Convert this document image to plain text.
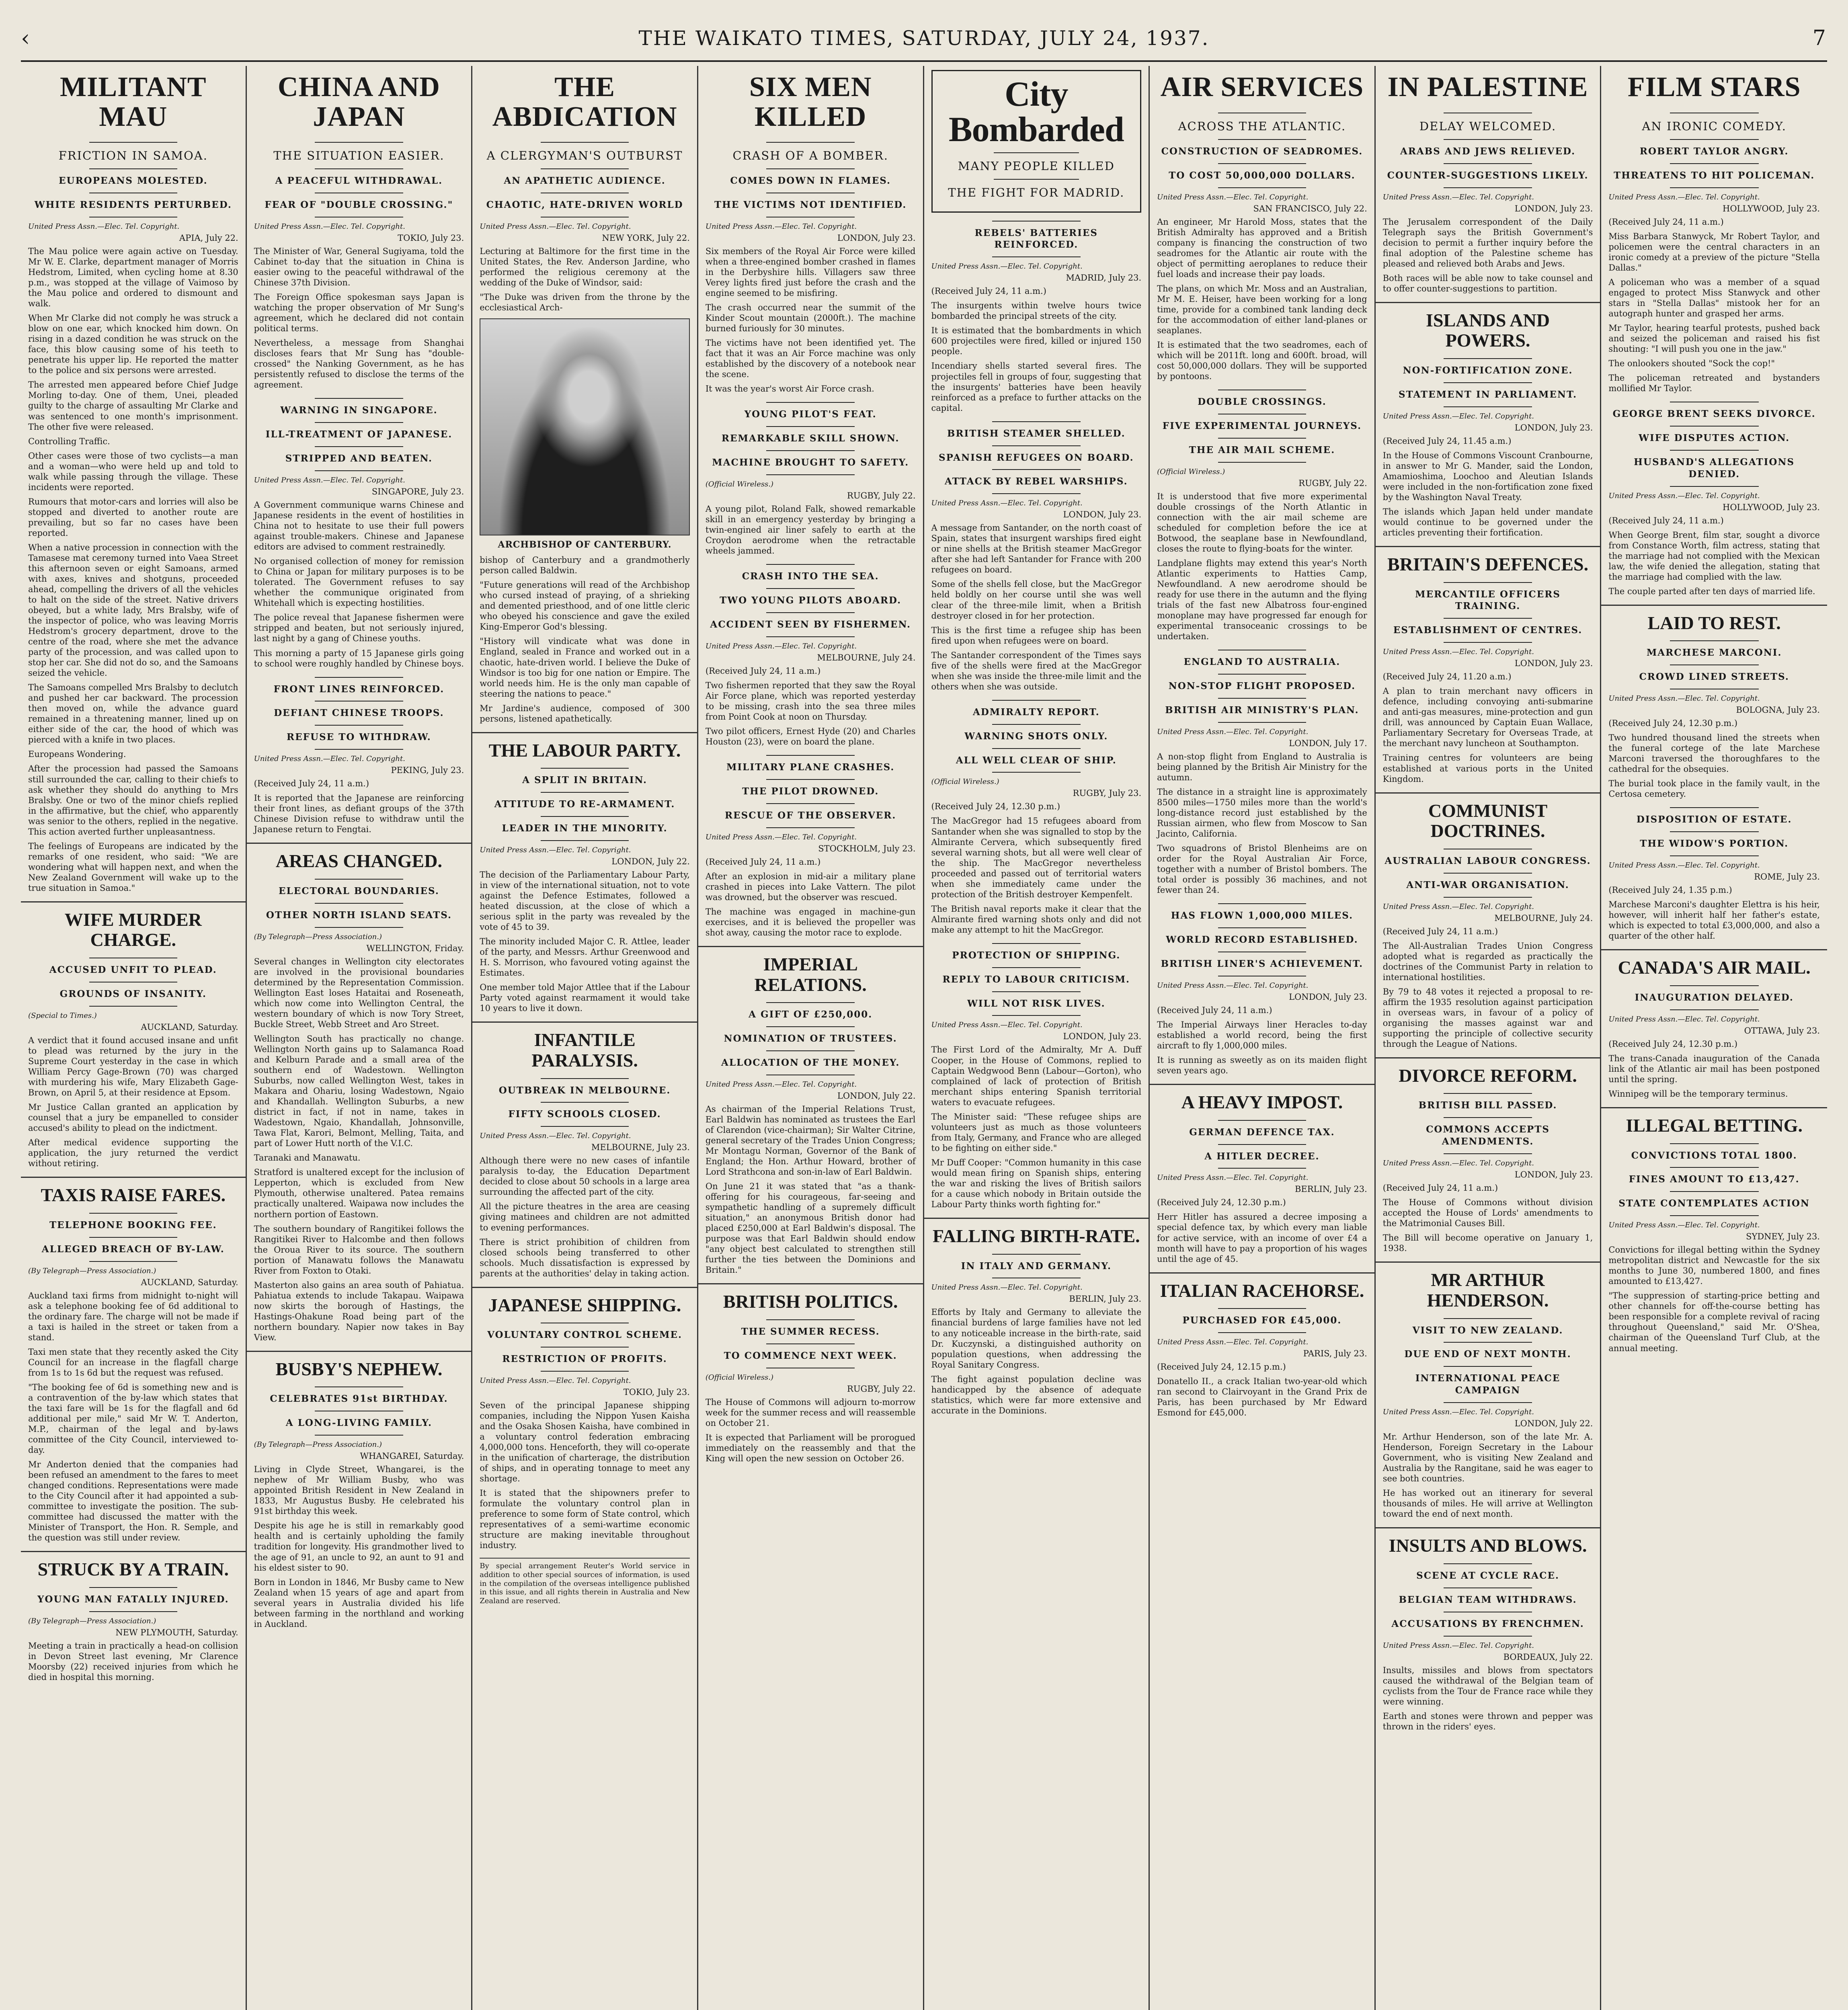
‹	THE WAIKATO TIMES, SATURDAY, JULY 24, 1937.	7
MILITANT MAU
FRICTION IN SAMOA.
EUROPEANS MOLESTED.
WHITE RESIDENTS PERTURBED.
United Press Assn.—Elec. Tel. Copyright.
APIA, July 22.

The Mau police were again active on Tuesday. Mr W. E. Clarke, department manager of Morris Hedstrom, Limited, when cycling home at 8.30 p.m., was stopped at the village of Vaimoso by the Mau police and ordered to dismount and walk.

When Mr Clarke did not comply he was struck a blow on one ear, which knocked him down. On rising in a dazed condition he was struck on the face, this blow causing some of his teeth to penetrate his upper lip. He reported the matter to the police and six persons were arrested.

The arrested men appeared before Chief Judge Morling to-day. One of them, Unei, pleaded guilty to the charge of assaulting Mr Clarke and was sentenced to one month's imprisonment. The other five were released.

Controlling Traffic.

Other cases were those of two cyclists—a man and a woman—who were held up and told to walk while passing through the village. These incidents were reported.

Rumours that motor-cars and lorries will also be stopped and diverted to another route are prevailing, but so far no cases have been reported.

When a native procession in connection with the Tamasese mat ceremony turned into Vaea Street this afternoon seven or eight Samoans, armed with axes, knives and shotguns, proceeded ahead, compelling the drivers of all the vehicles to halt on the side of the street. Native drivers obeyed, but a white lady, Mrs Bralsby, wife of the inspector of police, who was leaving Morris Hedstrom's grocery department, drove to the centre of the road, where she met the advance party of the procession, and was called upon to stop her car. She did not do so, and the Samoans seized the vehicle.

The Samoans compelled Mrs Bralsby to declutch and pushed her car backward. The procession then moved on, while the advance guard remained in a threatening manner, lined up on either side of the car, the hood of which was pierced with a knife in two places.

Europeans Wondering.

After the procession had passed the Samoans still surrounded the car, calling to their chiefs to ask whether they should do anything to Mrs Bralsby. One or two of the minor chiefs replied in the affirmative, but the chief, who apparently was senior to the others, replied in the negative. This action averted further unpleasantness.

The feelings of Europeans are indicated by the remarks of one resident, who said: "We are wondering what will happen next, and when the New Zealand Government will wake up to the true situation in Samoa."

WIFE MURDER CHARGE.
ACCUSED UNFIT TO PLEAD.
GROUNDS OF INSANITY.
(Special to Times.)
AUCKLAND, Saturday.

A verdict that it found accused insane and unfit to plead was returned by the jury in the Supreme Court yesterday in the case in which William Percy Gage-Brown (70) was charged with murdering his wife, Mary Elizabeth Gage-Brown, on April 5, at their residence at Epsom.

Mr Justice Callan granted an application by counsel that a jury be empanelled to consider accused's ability to plead on the indictment.

After medical evidence supporting the application, the jury returned the verdict without retiring.

TAXIS RAISE FARES.
TELEPHONE BOOKING FEE.
ALLEGED BREACH OF BY-LAW.
(By Telegraph—Press Association.)
AUCKLAND, Saturday.

Auckland taxi firms from midnight to-night will ask a telephone booking fee of 6d additional to the ordinary fare. The charge will not be made if a taxi is hailed in the street or taken from a stand.

Taxi men state that they recently asked the City Council for an increase in the flagfall charge from 1s to 1s 6d but the request was refused.

"The booking fee of 6d is something new and is a contravention of the by-law which states that the taxi fare will be 1s for the flagfall and 6d additional per mile," said Mr W. T. Anderton, M.P., chairman of the legal and by-laws committee of the City Council, interviewed to-day.

Mr Anderton denied that the companies had been refused an amendment to the fares to meet changed conditions. Representations were made to the City Council after it had appointed a sub-committee to investigate the position. The sub-committee had discussed the matter with the Minister of Transport, the Hon. R. Semple, and the question was still under review.

STRUCK BY A TRAIN.
YOUNG MAN FATALLY INJURED.
(By Telegraph—Press Association.)
NEW PLYMOUTH, Saturday.

Meeting a train in practically a head-on collision in Devon Street last evening, Mr Clarence Moorsby (22) received injuries from which he died in hospital this morning.

CHINA AND JAPAN
THE SITUATION EASIER.
A PEACEFUL WITHDRAWAL.
FEAR OF "DOUBLE CROSSING."
United Press Assn.—Elec. Tel. Copyright.
TOKIO, July 23.

The Minister of War, General Sugiyama, told the Cabinet to-day that the situation in China is easier owing to the peaceful withdrawal of the Chinese 37th Division.

The Foreign Office spokesman says Japan is watching the proper observation of Mr Sung's agreement, which he declared did not contain political terms.

Nevertheless, a message from Shanghai discloses fears that Mr Sung has "double-crossed" the Nanking Government, as he has persistently refused to disclose the terms of the agreement.

WARNING IN SINGAPORE.
ILL-TREATMENT OF JAPANESE.
STRIPPED AND BEATEN.
United Press Assn.—Elec. Tel. Copyright.
SINGAPORE, July 23.

A Government communique warns Chinese and Japanese residents in the event of hostilities in China not to hesitate to use their full powers against trouble-makers. Chinese and Japanese editors are advised to comment restrainedly.

No organised collection of money for remission to China or Japan for military purposes is to be tolerated. The Government refuses to say whether the communique originated from Whitehall which is expecting hostilities.

The police reveal that Japanese fishermen were stripped and beaten, but not seriously injured, last night by a gang of Chinese youths.

This morning a party of 15 Japanese girls going to school were roughly handled by Chinese boys.

FRONT LINES REINFORCED.
DEFIANT CHINESE TROOPS.
REFUSE TO WITHDRAW.
United Press Assn.—Elec. Tel. Copyright.
PEKING, July 23.

(Received July 24, 11 a.m.)

It is reported that the Japanese are reinforcing their front lines, as defiant groups of the 37th Chinese Division refuse to withdraw until the Japanese return to Fengtai.

AREAS CHANGED.
ELECTORAL BOUNDARIES.
OTHER NORTH ISLAND SEATS.
(By Telegraph—Press Association.)
WELLINGTON, Friday.

Several changes in Wellington city electorates are involved in the provisional boundaries determined by the Representation Commission. Wellington East loses Hataitai and Roseneath, which now come into Wellington Central, the western boundary of which is now Tory Street, Buckle Street, Webb Street and Aro Street.

Wellington South has practically no change. Wellington North gains up to Salamanca Road and Kelburn Parade and a small area of the southern end of Wadestown. Wellington Suburbs, now called Wellington West, takes in Makara and Ohariu, losing Wadestown, Ngaio and Khandallah. Wellington Suburbs, a new district in fact, if not in name, takes in Wadestown, Ngaio, Khandallah, Johnsonville, Tawa Flat, Karori, Belmont, Melling, Taita, and part of Lower Hutt north of the V.I.C.

Taranaki and Manawatu.

Stratford is unaltered except for the inclusion of Lepperton, which is excluded from New Plymouth, otherwise unaltered. Patea remains practically unaltered. Waipawa now includes the northern portion of Eastown.

The southern boundary of Rangitikei follows the Rangitikei River to Halcombe and then follows the Oroua River to its source. The southern portion of Manawatu follows the Manawatu River from Foxton to Otaki.

Masterton also gains an area south of Pahiatua. Pahiatua extends to include Takapau. Waipawa now skirts the borough of Hastings, the Hastings-Ohakune Road being part of the northern boundary. Napier now takes in Bay View.

BUSBY'S NEPHEW.
CELEBRATES 91st BIRTHDAY.
A LONG-LIVING FAMILY.
(By Telegraph—Press Association.)
WHANGAREI, Saturday.

Living in Clyde Street, Whangarei, is the nephew of Mr William Busby, who was appointed British Resident in New Zealand in 1833, Mr Augustus Busby. He celebrated his 91st birthday this week.

Despite his age he is still in remarkably good health and is certainly upholding the family tradition for longevity. His grandmother lived to the age of 91, an uncle to 92, an aunt to 91 and his eldest sister to 90.

Born in London in 1846, Mr Busby came to New Zealand when 15 years of age and apart from several years in Australia divided his life between farming in the northland and working in Auckland.

THE ABDICATION
A CLERGYMAN'S OUTBURST
AN APATHETIC AUDIENCE.
CHAOTIC, HATE-DRIVEN WORLD
United Press Assn.—Elec. Tel. Copyright.
NEW YORK, July 22.

Lecturing at Baltimore for the first time in the United States, the Rev. Anderson Jardine, who performed the religious ceremony at the wedding of the Duke of Windsor, said:

"The Duke was driven from the throne by the ecclesiastical Arch-

ARCHBISHOP OF CANTERBURY.

bishop of Canterbury and a grandmotherly person called Baldwin.

"Future generations will read of the Archbishop who cursed instead of praying, of a shrieking and demented priesthood, and of one little cleric who obeyed his conscience and gave the exiled King-Emperor God's blessing.

"History will vindicate what was done in England, sealed in France and worked out in a chaotic, hate-driven world. I believe the Duke of Windsor is too big for one nation or Empire. The world needs him. He is the only man capable of steering the nations to peace."

Mr Jardine's audience, composed of 300 persons, listened apathetically.

THE LABOUR PARTY.
A SPLIT IN BRITAIN.
ATTITUDE TO RE-ARMAMENT.
LEADER IN THE MINORITY.
United Press Assn.—Elec. Tel. Copyright.
LONDON, July 22.

The decision of the Parliamentary Labour Party, in view of the international situation, not to vote against the Defence Estimates, followed a heated discussion, at the close of which a serious split in the party was revealed by the vote of 45 to 39.

The minority included Major C. R. Attlee, leader of the party, and Messrs. Arthur Greenwood and H. S. Morrison, who favoured voting against the Estimates.

One member told Major Attlee that if the Labour Party voted against rearmament it would take 10 years to live it down.

INFANTILE PARALYSIS.
OUTBREAK IN MELBOURNE.
FIFTY SCHOOLS CLOSED.
United Press Assn.—Elec. Tel. Copyright.
MELBOURNE, July 23.

Although there were no new cases of infantile paralysis to-day, the Education Department decided to close about 50 schools in a large area surrounding the affected part of the city.

All the picture theatres in the area are ceasing giving matinees and children are not admitted to evening performances.

There is strict prohibition of children from closed schools being transferred to other schools. Much dissatisfaction is expressed by parents at the authorities' delay in taking action.

JAPANESE SHIPPING.
VOLUNTARY CONTROL SCHEME.
RESTRICTION OF PROFITS.
United Press Assn.—Elec. Tel. Copyright.
TOKIO, July 23.

Seven of the principal Japanese shipping companies, including the Nippon Yusen Kaisha and the Osaka Shosen Kaisha, have combined in a voluntary control federation embracing 4,000,000 tons. Henceforth, they will co-operate in the unification of charterage, the distribution of ships, and in operating tonnage to meet any shortage.

It is stated that the shipowners prefer to formulate the voluntary control plan in preference to some form of State control, which representatives of a semi-wartime economic structure are making inevitable throughout industry.

By special arrangement Reuter's World service in addition to other special sources of information, is used in the compilation of the overseas intelligence published in this issue, and all rights therein in Australia and New Zealand are reserved.
SIX MEN KILLED
CRASH OF A BOMBER.
COMES DOWN IN FLAMES.
THE VICTIMS NOT IDENTIFIED.
United Press Assn.—Elec. Tel. Copyright.
LONDON, July 23.

Six members of the Royal Air Force were killed when a three-engined bomber crashed in flames in the Derbyshire hills. Villagers saw three Verey lights fired just before the crash and the engine seemed to be misfiring.

The crash occurred near the summit of the Kinder Scout mountain (2000ft.). The machine burned furiously for 30 minutes.

The victims have not been identified yet. The fact that it was an Air Force machine was only established by the discovery of a notebook near the scene.

It was the year's worst Air Force crash.

YOUNG PILOT'S FEAT.
REMARKABLE SKILL SHOWN.
MACHINE BROUGHT TO SAFETY.
(Official Wireless.)
RUGBY, July 22.

A young pilot, Roland Falk, showed remarkable skill in an emergency yesterday by bringing a twin-engined air liner safely to earth at the Croydon aerodrome when the retractable wheels jammed.

CRASH INTO THE SEA.
TWO YOUNG PILOTS ABOARD.
ACCIDENT SEEN BY FISHERMEN.
United Press Assn.—Elec. Tel. Copyright.
MELBOURNE, July 24.

(Received July 24, 11 a.m.)

Two fishermen reported that they saw the Royal Air Force plane, which was reported yesterday to be missing, crash into the sea three miles from Point Cook at noon on Thursday.

Two pilot officers, Ernest Hyde (20) and Charles Houston (23), were on board the plane.

MILITARY PLANE CRASHES.
THE PILOT DROWNED.
RESCUE OF THE OBSERVER.
United Press Assn.—Elec. Tel. Copyright.
STOCKHOLM, July 23.

(Received July 24, 11 a.m.)

After an explosion in mid-air a military plane crashed in pieces into Lake Vattern. The pilot was drowned, but the observer was rescued.

The machine was engaged in machine-gun exercises, and it is believed the propeller was shot away, causing the motor race to explode.

IMPERIAL RELATIONS.
A GIFT OF £250,000.
NOMINATION OF TRUSTEES.
ALLOCATION OF THE MONEY.
United Press Assn.—Elec. Tel. Copyright.
LONDON, July 22.

As chairman of the Imperial Relations Trust, Earl Baldwin has nominated as trustees the Earl of Clarendon (vice-chairman); Sir Walter Citrine, general secretary of the Trades Union Congress; Mr Montagu Norman, Governor of the Bank of England; the Hon. Arthur Howard, brother of Lord Strathcona and son-in-law of Earl Baldwin.

On June 21 it was stated that "as a thank-offering for his courageous, far-seeing and sympathetic handling of a supremely difficult situation," an anonymous British donor had placed £250,000 at Earl Baldwin's disposal. The purpose was that Earl Baldwin should endow "any object best calculated to strengthen still further the ties between the Dominions and Britain."

BRITISH POLITICS.
THE SUMMER RECESS.
TO COMMENCE NEXT WEEK.
(Official Wireless.)
RUGBY, July 22.

The House of Commons will adjourn to-morrow week for the summer recess and will reassemble on October 21.

It is expected that Parliament will be prorogued immediately on the reassembly and that the King will open the new session on October 26.

City Bombarded
MANY PEOPLE KILLED
THE FIGHT FOR MADRID.
REBELS' BATTERIES REINFORCED.
United Press Assn.—Elec. Tel. Copyright.
MADRID, July 23.

(Received July 24, 11 a.m.)

The insurgents within twelve hours twice bombarded the principal streets of the city.

It is estimated that the bombardments in which 600 projectiles were fired, killed or injured 150 people.

Incendiary shells started several fires. The projectiles fell in groups of four, suggesting that the insurgents' batteries have been heavily reinforced as a preface to further attacks on the capital.

BRITISH STEAMER SHELLED.
SPANISH REFUGEES ON BOARD.
ATTACK BY REBEL WARSHIPS.
United Press Assn.—Elec. Tel. Copyright.
LONDON, July 23.

A message from Santander, on the north coast of Spain, states that insurgent warships fired eight or nine shells at the British steamer MacGregor after she had left Santander for France with 200 refugees on board.

Some of the shells fell close, but the MacGregor held boldly on her course until she was well clear of the three-mile limit, when a British destroyer closed in for her protection.

This is the first time a refugee ship has been fired upon when refugees were on board.

The Santander correspondent of the Times says five of the shells were fired at the MacGregor when she was inside the three-mile limit and the others when she was outside.

ADMIRALTY REPORT.
WARNING SHOTS ONLY.
ALL WELL CLEAR OF SHIP.
(Official Wireless.)
RUGBY, July 23.

(Received July 24, 12.30 p.m.)

The MacGregor had 15 refugees aboard from Santander when she was signalled to stop by the Almirante Cervera, which subsequently fired several warning shots, but all were well clear of the ship. The MacGregor nevertheless proceeded and passed out of territorial waters when she immediately came under the protection of the British destroyer Kempenfelt.

The British naval reports make it clear that the Almirante fired warning shots only and did not make any attempt to hit the MacGregor.

PROTECTION OF SHIPPING.
REPLY TO LABOUR CRITICISM.
WILL NOT RISK LIVES.
United Press Assn.—Elec. Tel. Copyright.
LONDON, July 23.

The First Lord of the Admiralty, Mr A. Duff Cooper, in the House of Commons, replied to Captain Wedgwood Benn (Labour—Gorton), who complained of lack of protection of British merchant ships entering Spanish territorial waters to evacuate refugees.

The Minister said: "These refugee ships are volunteers just as much as those volunteers from Italy, Germany, and France who are alleged to be fighting on either side."

Mr Duff Cooper: "Common humanity in this case would mean firing on Spanish ships, entering the war and risking the lives of British sailors for a cause which nobody in Britain outside the Labour Party thinks worth fighting for."

FALLING BIRTH-RATE.
IN ITALY AND GERMANY.
United Press Assn.—Elec. Tel. Copyright.
BERLIN, July 23.

Efforts by Italy and Germany to alleviate the financial burdens of large families have not led to any noticeable increase in the birth-rate, said Dr. Kuczynski, a distinguished authority on population questions, when addressing the Royal Sanitary Congress.

The fight against population decline was handicapped by the absence of adequate statistics, which were far more extensive and accurate in the Dominions.

AIR SERVICES
ACROSS THE ATLANTIC.
CONSTRUCTION OF SEADROMES.
TO COST 50,000,000 DOLLARS.
United Press Assn.—Elec. Tel. Copyright.
SAN FRANCISCO, July 22.

An engineer, Mr Harold Moss, states that the British Admiralty has approved and a British company is financing the construction of two seadromes for the Atlantic air route with the object of permitting aeroplanes to reduce their fuel loads and increase their pay loads.

The plans, on which Mr. Moss and an Australian, Mr M. E. Heiser, have been working for a long time, provide for a combined tank landing deck for the accommodation of either land-planes or seaplanes.

It is estimated that the two seadromes, each of which will be 2011ft. long and 600ft. broad, will cost 50,000,000 dollars. They will be supported by pontoons.

DOUBLE CROSSINGS.
FIVE EXPERIMENTAL JOURNEYS.
THE AIR MAIL SCHEME.
(Official Wireless.)
RUGBY, July 22.

It is understood that five more experimental double crossings of the North Atlantic in connection with the air mail scheme are scheduled for completion before the ice at Botwood, the seaplane base in Newfoundland, closes the route to flying-boats for the winter.

Landplane flights may extend this year's North Atlantic experiments to Hatties Camp, Newfoundland. A new aerodrome should be ready for use there in the autumn and the flying trials of the fast new Albatross four-engined monoplane may have progressed far enough for experimental transoceanic crossings to be undertaken.

ENGLAND TO AUSTRALIA.
NON-STOP FLIGHT PROPOSED.
BRITISH AIR MINISTRY'S PLAN.
United Press Assn.—Elec. Tel. Copyright.
LONDON, July 17.

A non-stop flight from England to Australia is being planned by the British Air Ministry for the autumn.

The distance in a straight line is approximately 8500 miles—1750 miles more than the world's long-distance record just established by the Russian airmen, who flew from Moscow to San Jacinto, California.

Two squadrons of Bristol Blenheims are on order for the Royal Australian Air Force, together with a number of Bristol bombers. The total order is possibly 36 machines, and not fewer than 24.

HAS FLOWN 1,000,000 MILES.
WORLD RECORD ESTABLISHED.
BRITISH LINER'S ACHIEVEMENT.
United Press Assn.—Elec. Tel. Copyright.
LONDON, July 23.

(Received July 24, 11 a.m.)

The Imperial Airways liner Heracles to-day established a world record, being the first aircraft to fly 1,000,000 miles.

It is running as sweetly as on its maiden flight seven years ago.

A HEAVY IMPOST.
GERMAN DEFENCE TAX.
A HITLER DECREE.
United Press Assn.—Elec. Tel. Copyright.
BERLIN, July 23.

(Received July 24, 12.30 p.m.)

Herr Hitler has assured a decree imposing a special defence tax, by which every man liable for active service, with an income of over £4 a month will have to pay a proportion of his wages until the age of 45.

ITALIAN RACEHORSE.
PURCHASED FOR £45,000.
United Press Assn.—Elec. Tel. Copyright.
PARIS, July 23.

(Received July 24, 12.15 p.m.)

Donatello II., a crack Italian two-year-old which ran second to Clairvoyant in the Grand Prix de Paris, has been purchased by Mr Edward Esmond for £45,000.

IN PALESTINE
DELAY WELCOMED.
ARABS AND JEWS RELIEVED.
COUNTER-SUGGESTIONS LIKELY.
United Press Assn.—Elec. Tel. Copyright.
LONDON, July 23.

The Jerusalem correspondent of the Daily Telegraph says the British Government's decision to permit a further inquiry before the final adoption of the Palestine scheme has pleased and relieved both Arabs and Jews.

Both races will be able now to take counsel and to offer counter-suggestions to partition.

ISLANDS AND POWERS.
NON-FORTIFICATION ZONE.
STATEMENT IN PARLIAMENT.
United Press Assn.—Elec. Tel. Copyright.
LONDON, July 23.

(Received July 24, 11.45 a.m.)

In the House of Commons Viscount Cranbourne, in answer to Mr G. Mander, said the London, Amamioshima, Loochoo and Aleutian Islands were included in the non-fortification zone fixed by the Washington Naval Treaty.

The islands which Japan held under mandate would continue to be governed under the articles preventing their fortification.

BRITAIN'S DEFENCES.
MERCANTILE OFFICERS TRAINING.
ESTABLISHMENT OF CENTRES.
United Press Assn.—Elec. Tel. Copyright.
LONDON, July 23.

(Received July 24, 11.20 a.m.)

A plan to train merchant navy officers in defence, including convoying anti-submarine and anti-gas measures, mine-protection and gun drill, was announced by Captain Euan Wallace, Parliamentary Secretary for Overseas Trade, at the merchant navy luncheon at Southampton.

Training centres for volunteers are being established at various ports in the United Kingdom.

COMMUNIST DOCTRINES.
AUSTRALIAN LABOUR CONGRESS.
ANTI-WAR ORGANISATION.
United Press Assn.—Elec. Tel. Copyright.
MELBOURNE, July 24.

(Received July 24, 11 a.m.)

The All-Australian Trades Union Congress adopted what is regarded as practically the doctrines of the Communist Party in relation to international hostilities.

By 79 to 48 votes it rejected a proposal to re-affirm the 1935 resolution against participation in overseas wars, in favour of a policy of organising the masses against war and supporting the principle of collective security through the League of Nations.

DIVORCE REFORM.
BRITISH BILL PASSED.
COMMONS ACCEPTS AMENDMENTS.
United Press Assn.—Elec. Tel. Copyright.
LONDON, July 23.

(Received July 24, 11 a.m.)

The House of Commons without division accepted the House of Lords' amendments to the Matrimonial Causes Bill.

The Bill will become operative on January 1, 1938.

MR ARTHUR HENDERSON.
VISIT TO NEW ZEALAND.
DUE END OF NEXT MONTH.
INTERNATIONAL PEACE CAMPAIGN
United Press Assn.—Elec. Tel. Copyright.
LONDON, July 22.

Mr. Arthur Henderson, son of the late Mr. A. Henderson, Foreign Secretary in the Labour Government, who is visiting New Zealand and Australia by the Rangitane, said he was eager to see both countries.

He has worked out an itinerary for several thousands of miles. He will arrive at Wellington toward the end of next month.

INSULTS AND BLOWS.
SCENE AT CYCLE RACE.
BELGIAN TEAM WITHDRAWS.
ACCUSATIONS BY FRENCHMEN.
United Press Assn.—Elec. Tel. Copyright.
BORDEAUX, July 22.

Insults, missiles and blows from spectators caused the withdrawal of the Belgian team of cyclists from the Tour de France race while they were winning.

Earth and stones were thrown and pepper was thrown in the riders' eyes.

FILM STARS
AN IRONIC COMEDY.
ROBERT TAYLOR ANGRY.
THREATENS TO HIT POLICEMAN.
United Press Assn.—Elec. Tel. Copyright.
HOLLYWOOD, July 23.

(Received July 24, 11 a.m.)

Miss Barbara Stanwyck, Mr Robert Taylor, and policemen were the central characters in an ironic comedy at a preview of the picture "Stella Dallas."

A policeman who was a member of a squad engaged to protect Miss Stanwyck and other stars in "Stella Dallas" mistook her for an autograph hunter and grasped her arms.

Mr Taylor, hearing tearful protests, pushed back and seized the policeman and raised his fist shouting: "I will push you one in the jaw."

The onlookers shouted "Sock the cop!"

The policeman retreated and bystanders mollified Mr Taylor.

GEORGE BRENT SEEKS DIVORCE.
WIFE DISPUTES ACTION.
HUSBAND'S ALLEGATIONS DENIED.
United Press Assn.—Elec. Tel. Copyright.
HOLLYWOOD, July 23.

(Received July 24, 11 a.m.)

When George Brent, film star, sought a divorce from Constance Worth, film actress, stating that the marriage had not complied with the Mexican law, the wife denied the allegation, stating that the marriage had complied with the law.

The couple parted after ten days of married life.

LAID TO REST.
MARCHESE MARCONI.
CROWD LINED STREETS.
United Press Assn.—Elec. Tel. Copyright.
BOLOGNA, July 23.

(Received July 24, 12.30 p.m.)

Two hundred thousand lined the streets when the funeral cortege of the late Marchese Marconi traversed the thoroughfares to the cathedral for the obsequies.

The burial took place in the family vault, in the Certosa cemetery.

DISPOSITION OF ESTATE.
THE WIDOW'S PORTION.
United Press Assn.—Elec. Tel. Copyright.
ROME, July 23.

(Received July 24, 1.35 p.m.)

Marchese Marconi's daughter Elettra is his heir, however, will inherit half her father's estate, which is expected to total £3,000,000, and also a quarter of the other half.

CANADA'S AIR MAIL.
INAUGURATION DELAYED.
United Press Assn.—Elec. Tel. Copyright.
OTTAWA, July 23.

(Received July 24, 12.30 p.m.)

The trans-Canada inauguration of the Canada link of the Atlantic air mail has been postponed until the spring.

Winnipeg will be the temporary terminus.

ILLEGAL BETTING.
CONVICTIONS TOTAL 1800.
FINES AMOUNT TO £13,427.
STATE CONTEMPLATES ACTION
United Press Assn.—Elec. Tel. Copyright.
SYDNEY, July 23.

Convictions for illegal betting within the Sydney metropolitan district and Newcastle for the six months to June 30, numbered 1800, and fines amounted to £13,427.

"The suppression of starting-price betting and other channels for off-the-course betting has been responsible for a complete revival of racing throughout Queensland," said Mr. O'Shea, chairman of the Queensland Turf Club, at the annual meeting.
